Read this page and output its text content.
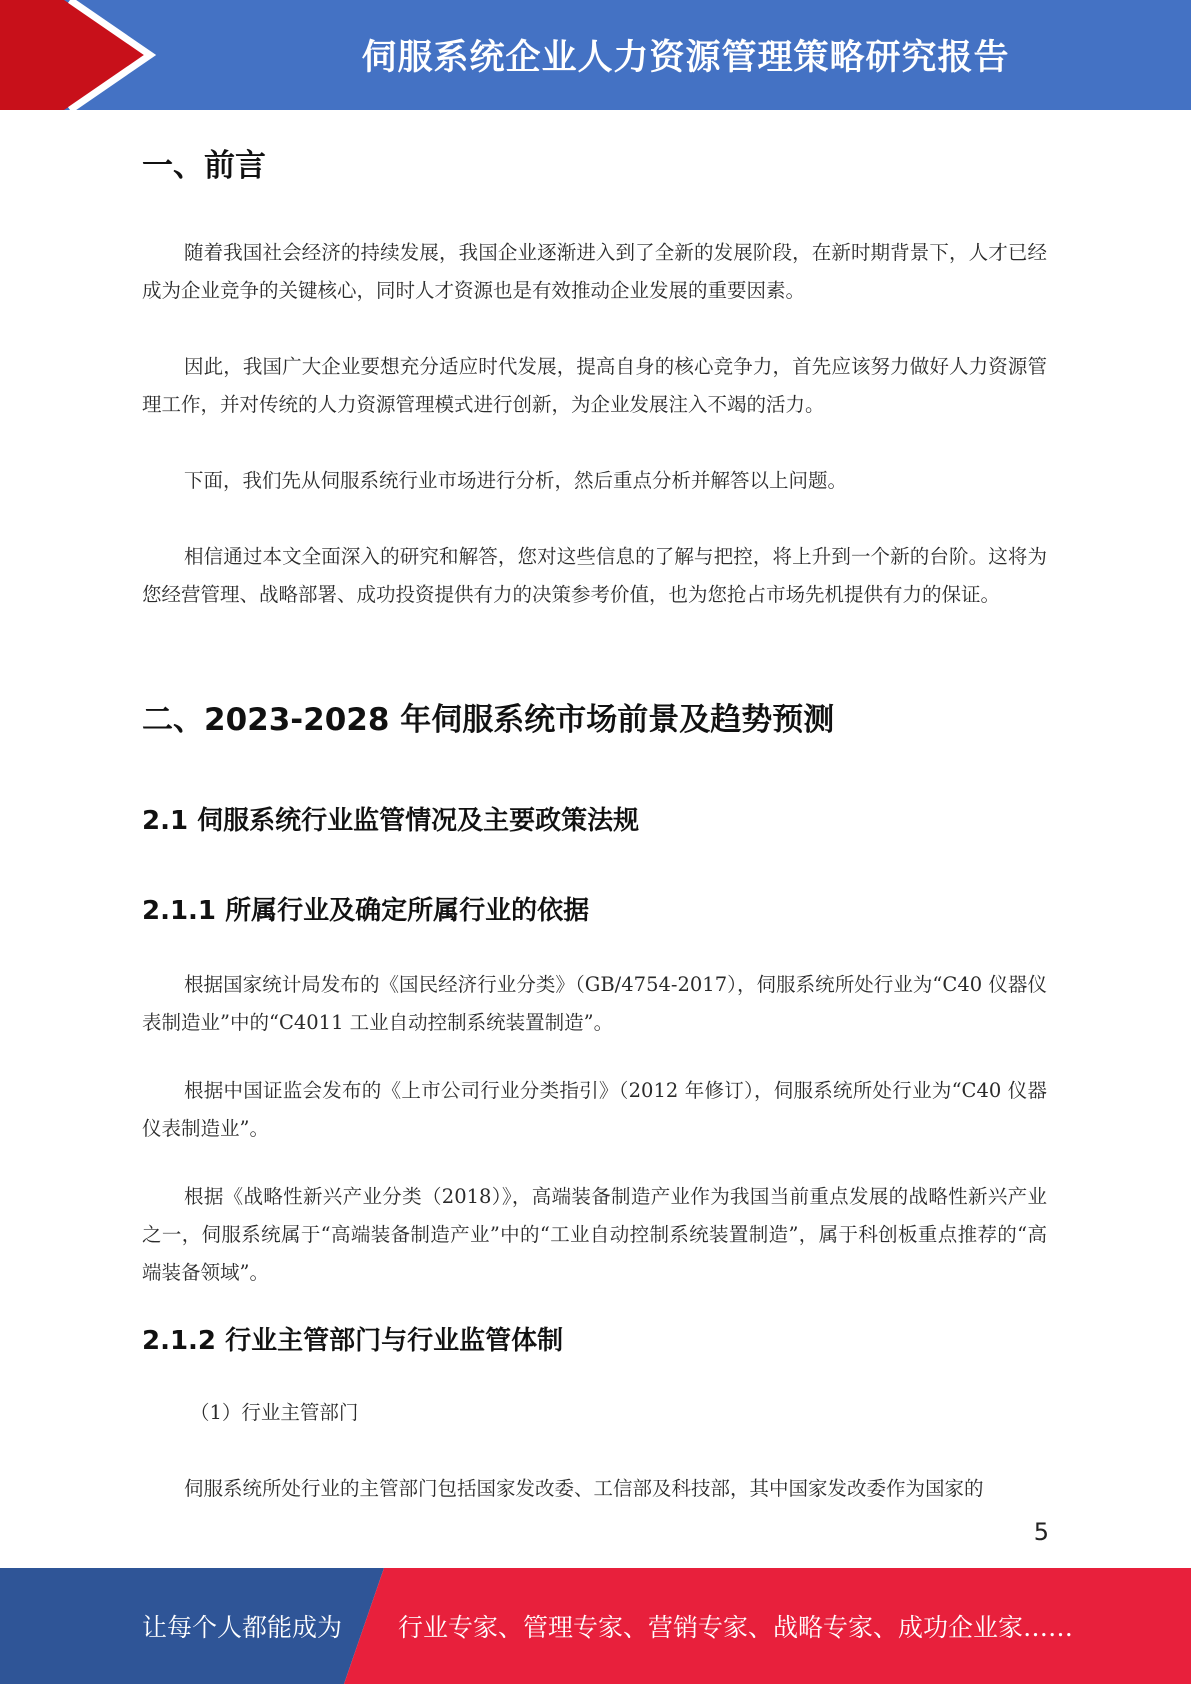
伺服系统企业人力资源管理策略研究报告
一、前言

随着我国社会经济的持续发展，我国企业逐渐进入到了全新的发展阶段，在新时期背景下，人才已经成为企业竞争的关键核心，同时人才资源也是有效推动企业发展的重要因素。

因此，我国广大企业要想充分适应时代发展，提高自身的核心竞争力，首先应该努力做好人力资源管理工作，并对传统的人力资源管理模式进行创新，为企业发展注入不竭的活力。

下面，我们先从伺服系统行业市场进行分析，然后重点分析并解答以上问题。

相信通过本文全面深入的研究和解答，您对这些信息的了解与把控，将上升到一个新的台阶。这将为您经营管理、战略部署、成功投资提供有力的决策参考价值，也为您抢占市场先机提供有力的保证。

二、2023-2028 年伺服系统市场前景及趋势预测
2.1 伺服系统行业监管情况及主要政策法规
2.1.1 所属行业及确定所属行业的依据

根据国家统计局发布的《国民经济行业分类》（GB/4754-2017），伺服系统所处行业为“C40 仪器仪表制造业”中的“C4011 工业自动控制系统装置制造”。

根据中国证监会发布的《上市公司行业分类指引》（2012 年修订），伺服系统所处行业为“C40 仪器仪表制造业”。

根据《战略性新兴产业分类（2018）》，高端装备制造产业作为我国当前重点发展的战略性新兴产业之一，伺服系统属于“高端装备制造产业”中的“工业自动控制系统装置制造”，属于科创板重点推荐的“高端装备领域”。

2.1.2 行业主管部门与行业监管体制

（1）行业主管部门

伺服系统所处行业的主管部门包括国家发改委、工信部及科技部，其中国家发改委作为国家的

5
让每个人都能成为 行业专家、管理专家、营销专家、战略专家、成功企业家……
